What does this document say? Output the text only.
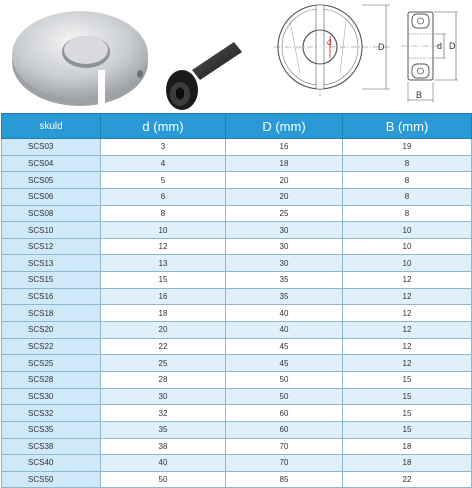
d	D	d D
B
skuld	d (mm)	D (mm)	B (mm)
SCS03	3	16	19
SCS04	4	18	8
SCS05	5	20	8
SCS06	6	20	8
SCS08	8	25	8
SCS10	10	30	10
SCS12	12	30	10
SCS13	13	30	10
SCS15	15	35	12
SCS16	16	35	12
SCS18	18	40	12
SCS20	20	40	12
SCS22	22	45	12
SCS25	25	45	12
SCS28	28	50	15
SCS30	30	50	15
SCS32	32	60	15
SCS35	35	60	15
SCS38	38	70	18
SCS40	40	70	18
SCS50	50	85	22
